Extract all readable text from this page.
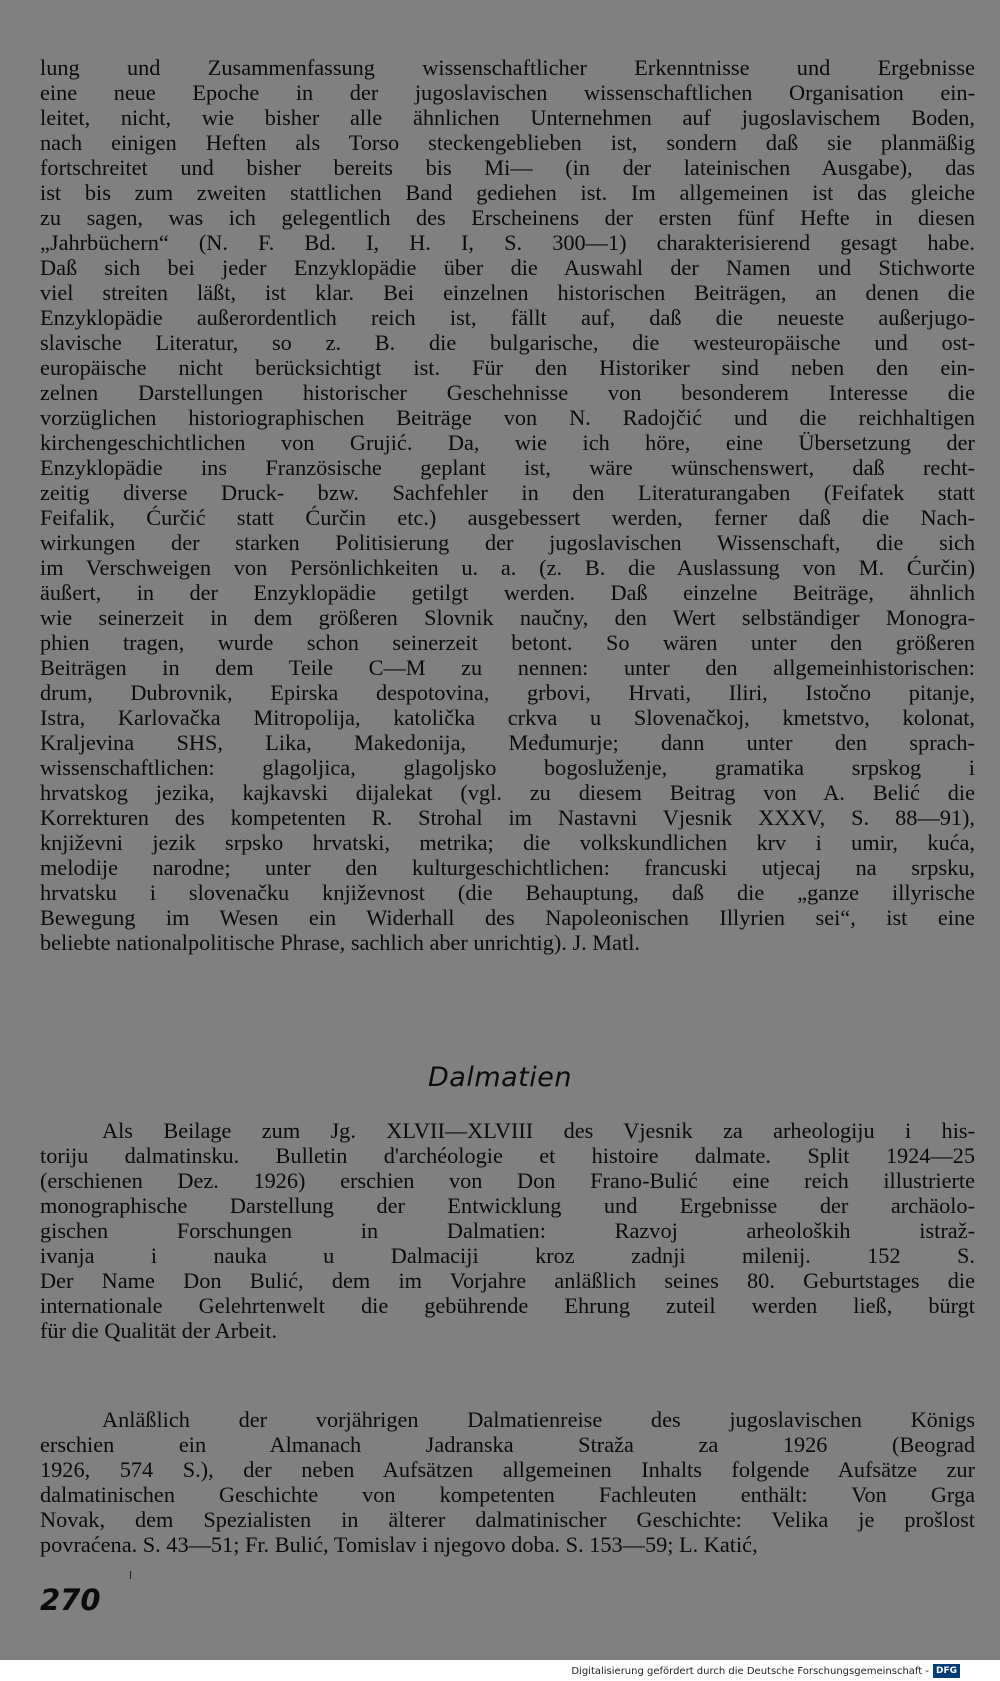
lung und Zusammenfassung wissenschaftlicher Erkenntnisse und Ergebnisse
eine neue Epoche in der jugoslavischen wissenschaftlichen Organisation ein-
leitet, nicht, wie bisher alle ähnlichen Unternehmen auf jugoslavischem Boden,
nach einigen Heften als Torso steckengeblieben ist, sondern daß sie planmäßig
fortschreitet und bisher bereits bis Mi— (in der lateinischen Ausgabe), das
ist bis zum zweiten stattlichen Band gediehen ist. Im allgemeinen ist das gleiche
zu sagen, was ich gelegentlich des Erscheinens der ersten fünf Hefte in diesen
„Jahrbüchern“ (N. F. Bd. I, H. I, S. 300—1) charakterisierend gesagt habe.
Daß sich bei jeder Enzyklopädie über die Auswahl der Namen und Stichworte
viel streiten läßt, ist klar. Bei einzelnen historischen Beiträgen, an denen die
Enzyklopädie außerordentlich reich ist, fällt auf, daß die neueste außerjugo-
slavische Literatur, so z. B. die bulgarische, die westeuropäische und ost-
europäische nicht berücksichtigt ist. Für den Historiker sind neben den ein-
zelnen Darstellungen historischer Geschehnisse von besonderem Interesse die
vorzüglichen historiographischen Beiträge von N. Radojčić und die reichhaltigen
kirchengeschichtlichen von Grujić. Da, wie ich höre, eine Übersetzung der
Enzyklopädie ins Französische geplant ist, wäre wünschenswert, daß recht-
zeitig diverse Druck- bzw. Sachfehler in den Literaturangaben (Feifatek statt
Feifalik, Ćurčić statt Ćurčin etc.) ausgebessert werden, ferner daß die Nach-
wirkungen der starken Politisierung der jugoslavischen Wissenschaft, die sich
im Verschweigen von Persönlichkeiten u. a. (z. B. die Auslassung von M. Ćurčin)
äußert, in der Enzyklopädie getilgt werden. Daß einzelne Beiträge, ähnlich
wie seinerzeit in dem größeren Slovnik naučny, den Wert selbständiger Monogra-
phien tragen, wurde schon seinerzeit betont. So wären unter den größeren
Beiträgen in dem Teile C—M zu nennen: unter den allgemeinhistorischen:
drum, Dubrovnik, Epirska despotovina, grbovi, Hrvati, Iliri, Istočno pitanje,
Istra, Karlovačka Mitropolija, katolička crkva u Slovenačkoj, kmetstvo, kolonat,
Kraljevina SHS, Lika, Makedonija, Međumurje; dann unter den sprach-
wissenschaftlichen: glagoljica, glagoljsko bogosluženje, gramatika srpskog i
hrvatskog jezika, kajkavski dijalekat (vgl. zu diesem Beitrag von A. Belić die
Korrekturen des kompetenten R. Strohal im Nastavni Vjesnik XXXV, S. 88—91),
književni jezik srpsko hrvatski, metrika; die volkskundlichen krv i umir, kuća,
melodije narodne; unter den kulturgeschichtlichen: francuski utjecaj na srpsku,
hrvatsku i slovenačku književnost (die Behauptung, daß die „ganze illyrische
Bewegung im Wesen ein Widerhall des Napoleonischen Illyrien sei“, ist eine
beliebte nationalpolitische Phrase, sachlich aber unrichtig). J. Matl.
Dalmatien
Als Beilage zum Jg. XLVII—XLVIII des Vjesnik za arheologiju i his-
toriju dalmatinsku. Bulletin d'archéologie et histoire dalmate. Split 1924—25
(erschienen Dez. 1926) erschien von Don Frano-Bulić eine reich illustrierte
monographische Darstellung der Entwicklung und Ergebnisse der archäolo-
gischen Forschungen in Dalmatien: Razvoj arheoloških istraž-
ivanja i nauka u Dalmaciji kroz zadnji milenij. 152 S.
Der Name Don Bulić, dem im Vorjahre anläßlich seines 80. Geburtstages die
internationale Gelehrtenwelt die gebührende Ehrung zuteil werden ließ, bürgt
für die Qualität der Arbeit.
Anläßlich der vorjährigen Dalmatienreise des jugoslavischen Königs
erschien ein Almanach Jadranska Straža za 1926 (Beograd
1926, 574 S.), der neben Aufsätzen allgemeinen Inhalts folgende Aufsätze zur
dalmatinischen Geschichte von kompetenten Fachleuten enthält: Von Grga
Novak, dem Spezialisten in älterer dalmatinischer Geschichte: Velika je prošlost
povraćena. S. 43—51; Fr. Bulić, Tomislav i njegovo doba. S. 153—59; L. Katić,
270
Digitalisierung gefördert durch die Deutsche Forschungsgemeinschaft - DFG
